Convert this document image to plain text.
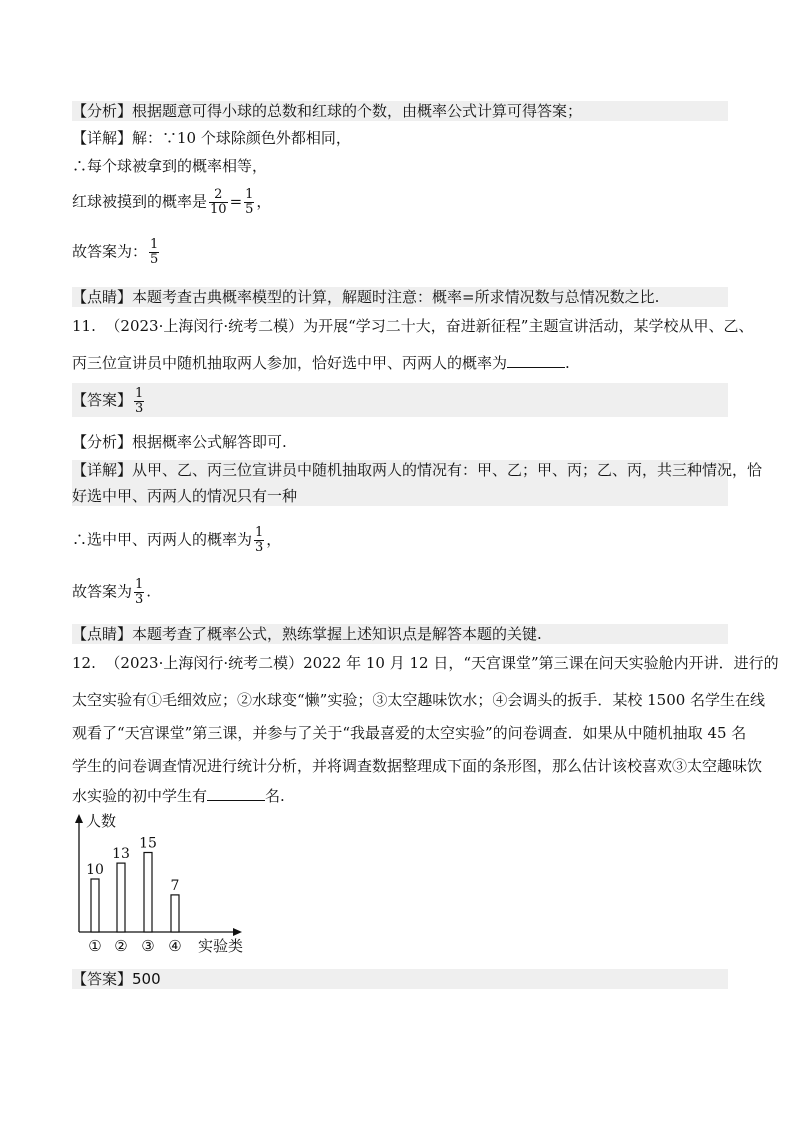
【分析】根据题意可得小球的总数和红球的个数，由概率公式计算可得答案；
【详解】解：∵10 个球除颜色外都相同，
∴每个球被拿到的概率相等，
红球被摸到的概率是 $\frac{2}{10} = \frac{1}{5}$ ，
故答案为： $\frac{1}{5}$
【点睛】本题考查古典概率模型的计算，解题时注意：概率=所求情况数与总情况数之比.
11. （2023·上海闵行·统考二模）为开展“学习二十大，奋进新征程”主题宣讲活动，某学校从甲、乙、
丙三位宣讲员中随机抽取两人参加，恰好选中甲、丙两人的概率为	.
【答案】 $\frac{1}{3}$
【分析】根据概率公式解答即可.
【详解】从甲、乙、丙三位宣讲员中随机抽取两人的情况有：甲、乙；甲、丙；乙、丙，共三种情况，恰
好选中甲、丙两人的情况只有一种
∴选中甲、丙两人的概率为 $\frac{1}{3}$ ，
故答案为 $\frac{1}{3}$ .
【点睛】本题考查了概率公式，熟练掌握上述知识点是解答本题的关键.
12. （2023·上海闵行·统考二模）2022 年 10 月 12 日，“天宫课堂”第三课在问天实验舱内开讲．进行的
太空实验有①毛细效应；②水球变“懒”实验；③太空趣味饮水；④会调头的扳手．某校 1500 名学生在线
观看了“天宫课堂”第三课，并参与了关于“我最喜爱的太空实验”的问卷调查．如果从中随机抽取 45 名
学生的问卷调查情况进行统计分析，并将调查数据整理成下面的条形图，那么估计该校喜欢③太空趣味饮
水实验的初中学生有	名.
人数
实验类
10
①
13
②
15
③
7
④
【答案】500
